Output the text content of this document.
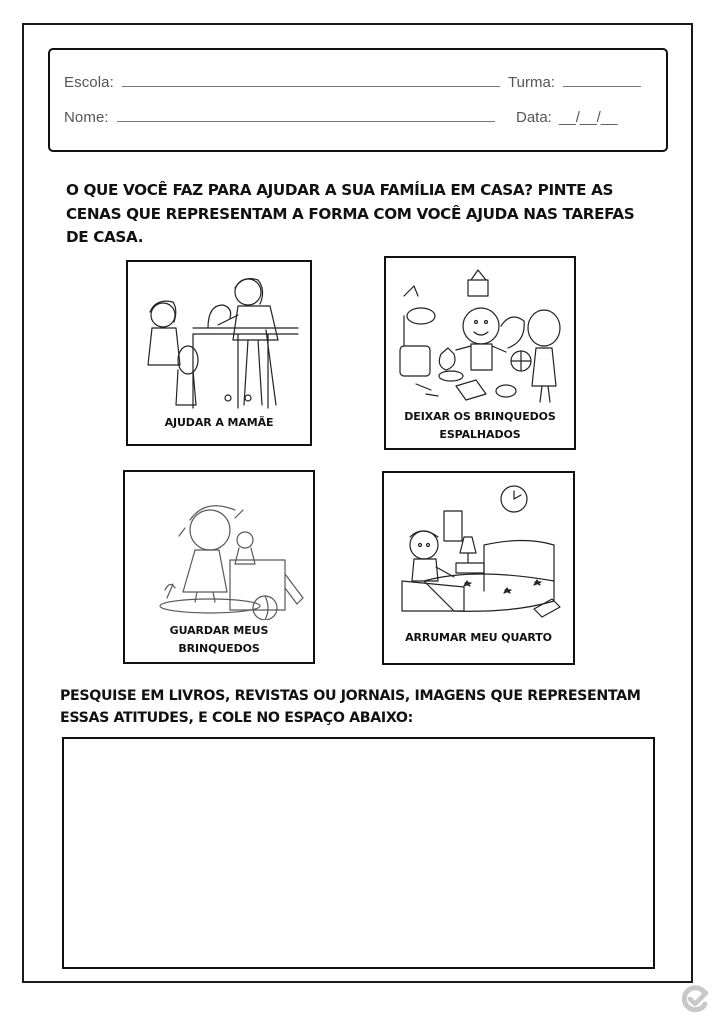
Escola:	Turma:
Nome:	Data: __/__/__
O QUE VOCÊ FAZ PARA AJUDAR A SUA FAMÍLIA EM CASA? PINTE AS CENAS QUE REPRESENTAM A FORMA COM VOCÊ AJUDA NAS TAREFAS DE CASA.
AJUDAR A MAMÃE	DEIXAR OS BRINQUEDOS ESPALHADOS
GUARDAR MEUS BRINQUEDOS
ARRUMAR MEU QUARTO
PESQUISE EM LIVROS, REVISTAS OU JORNAIS, IMAGENS QUE REPRESENTAM ESSAS ATITUDES, E COLE NO ESPAÇO ABAIXO:
